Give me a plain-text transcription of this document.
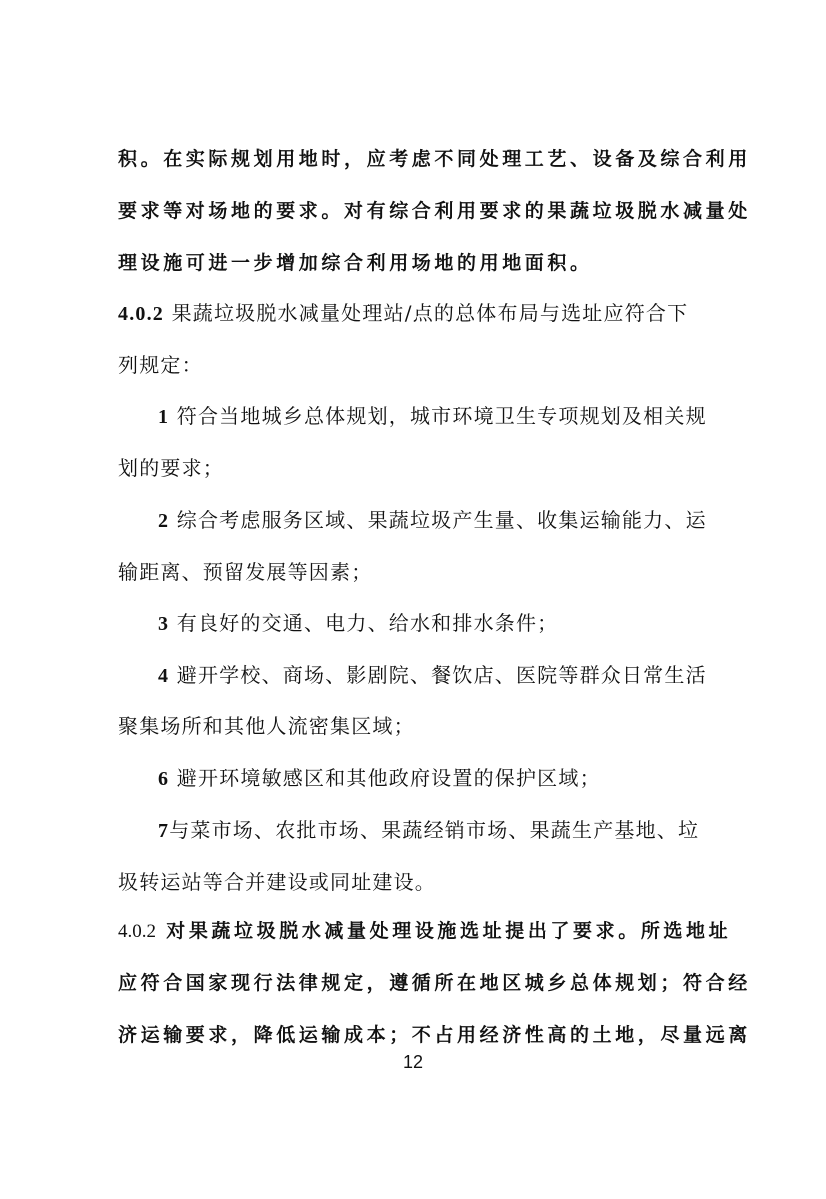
积。在实际规划用地时，应考虑不同处理工艺、设备及综合利用
要求等对场地的要求。对有综合利用要求的果蔬垃圾脱水减量处
理设施可进一步增加综合利用场地的用地面积。
4.0.2 果蔬垃圾脱水减量处理站/点的总体布局与选址应符合下
列规定：
1 符合当地城乡总体规划，城市环境卫生专项规划及相关规
划的要求；
2 综合考虑服务区域、果蔬垃圾产生量、收集运输能力、运
输距离、预留发展等因素；
3 有良好的交通、电力、给水和排水条件；
4 避开学校、商场、影剧院、餐饮店、医院等群众日常生活
聚集场所和其他人流密集区域；
6 避开环境敏感区和其他政府设置的保护区域；
7与菜市场、农批市场、果蔬经销市场、果蔬生产基地、垃
圾转运站等合并建设或同址建设。
4.0.2 对果蔬垃圾脱水减量处理设施选址提出了要求。所选地址
应符合国家现行法律规定，遵循所在地区城乡总体规划；符合经
济运输要求，降低运输成本；不占用经济性高的土地，尽量远离
12
